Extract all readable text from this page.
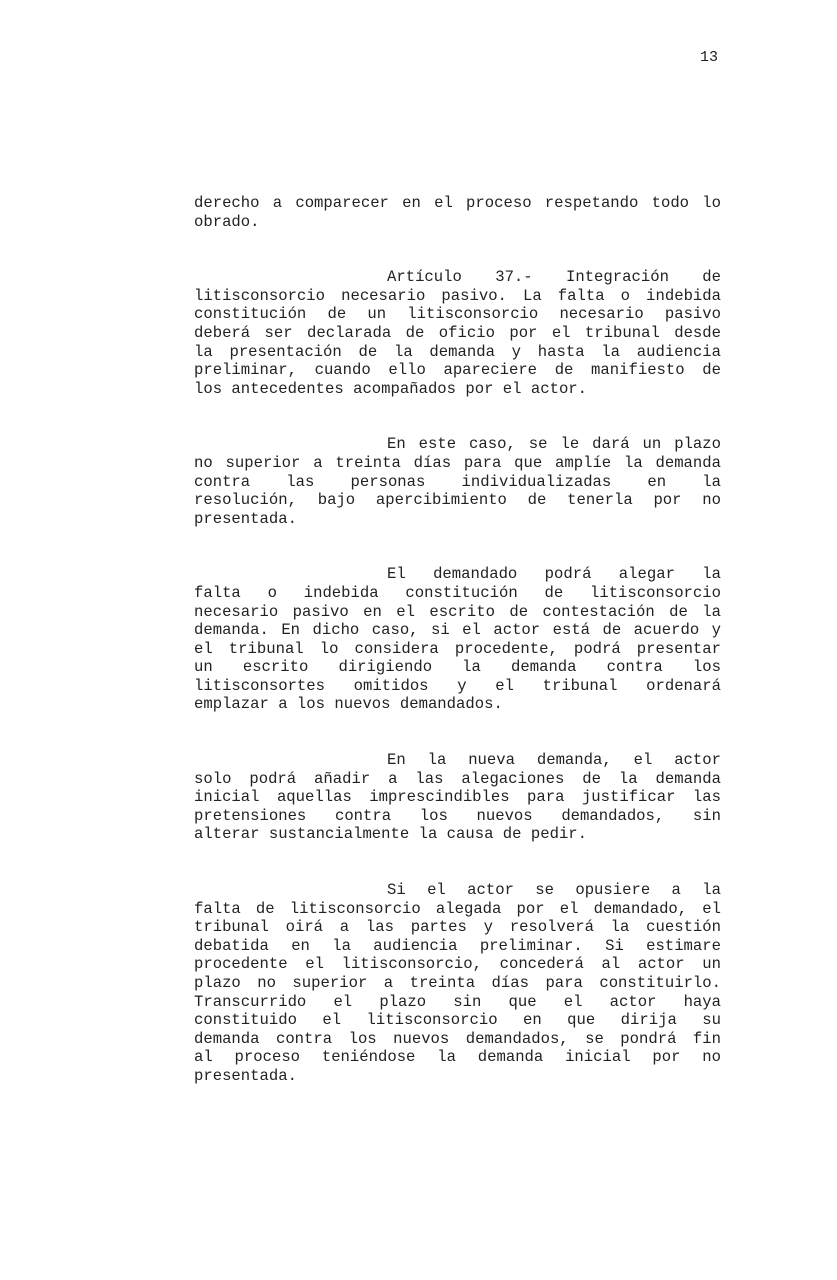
13
derecho a comparecer en el proceso respetando todo lo
obrado.
Artículo 37.- Integración de
litisconsorcio necesario pasivo. La falta o indebida
constitución de un litisconsorcio necesario pasivo
deberá ser declarada de oficio por el tribunal desde
la presentación de la demanda y hasta la audiencia
preliminar, cuando ello apareciere de manifiesto de
los antecedentes acompañados por el actor.
En este caso, se le dará un plazo
no superior a treinta días para que amplíe la demanda
contra las personas individualizadas en la
resolución, bajo apercibimiento de tenerla por no
presentada.
El demandado podrá alegar la
falta o indebida constitución de litisconsorcio
necesario pasivo en el escrito de contestación de la
demanda. En dicho caso, si el actor está de acuerdo y
el tribunal lo considera procedente, podrá presentar
un escrito dirigiendo la demanda contra los
litisconsortes omitidos y el tribunal ordenará
emplazar a los nuevos demandados.
En la nueva demanda, el actor
solo podrá añadir a las alegaciones de la demanda
inicial aquellas imprescindibles para justificar las
pretensiones contra los nuevos demandados, sin
alterar sustancialmente la causa de pedir.
Si el actor se opusiere a la
falta de litisconsorcio alegada por el demandado, el
tribunal oirá a las partes y resolverá la cuestión
debatida en la audiencia preliminar. Si estimare
procedente el litisconsorcio, concederá al actor un
plazo no superior a treinta días para constituirlo.
Transcurrido el plazo sin que el actor haya
constituido el litisconsorcio en que dirija su
demanda contra los nuevos demandados, se pondrá fin
al proceso teniéndose la demanda inicial por no
presentada.
